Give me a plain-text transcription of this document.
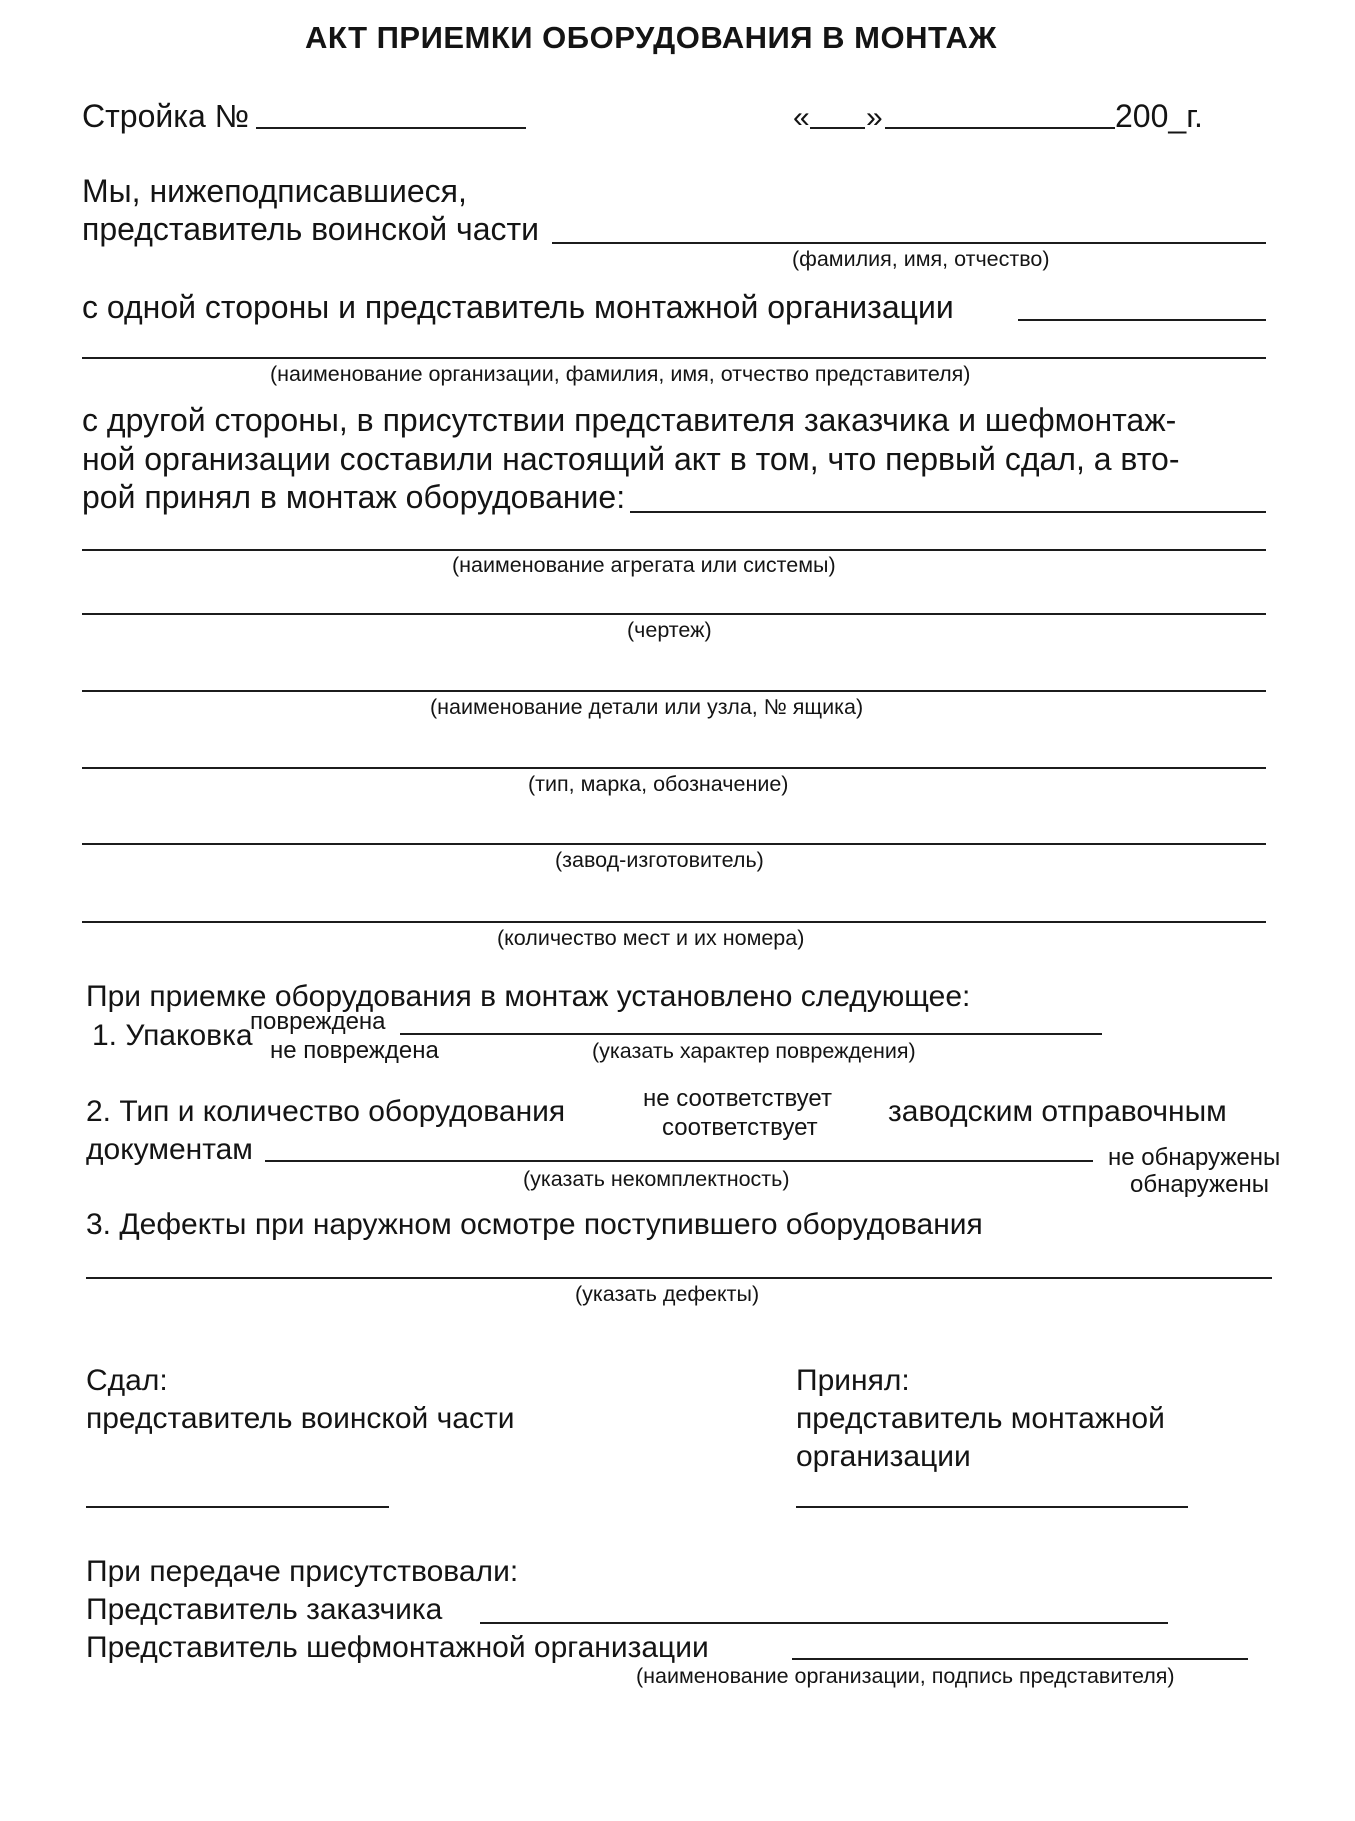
АКТ ПРИЕМКИ ОБОРУДОВАНИЯ В МОНТАЖ
Стройка №	« »	200_г.
Мы, нижеподписавшиеся,
представитель воинской части
(фамилия, имя, отчество)
с одной стороны и представитель монтажной организации
(наименование организации, фамилия, имя, отчество представителя)
с другой стороны, в присутствии представителя заказчика и шефмонтаж-
ной организации составили настоящий акт в том, что первый сдал, а вто-
рой принял в монтаж оборудование:
(наименование агрегата или системы)
(чертеж)
(наименование детали или узла, № ящика)
(тип, марка, обозначение)
(завод-изготовитель)
(количество мест и их номера)
При приемке оборудования в монтаж установлено следующее:
1. Упаковка
повреждена
не повреждена	(указать характер повреждения)
2. Тип и количество оборудования	не соответствует
соответствует заводским отправочным
документам	не обнаружены
обнаружены
(указать некомплектность)
3. Дефекты при наружном осмотре поступившего оборудования
(указать дефекты)
Сдал:
представитель воинской части
Принял:
представитель монтажной
организации
При передаче присутствовали:
Представитель заказчика
Представитель шефмонтажной организации
(наименование организации, подпись представителя)
